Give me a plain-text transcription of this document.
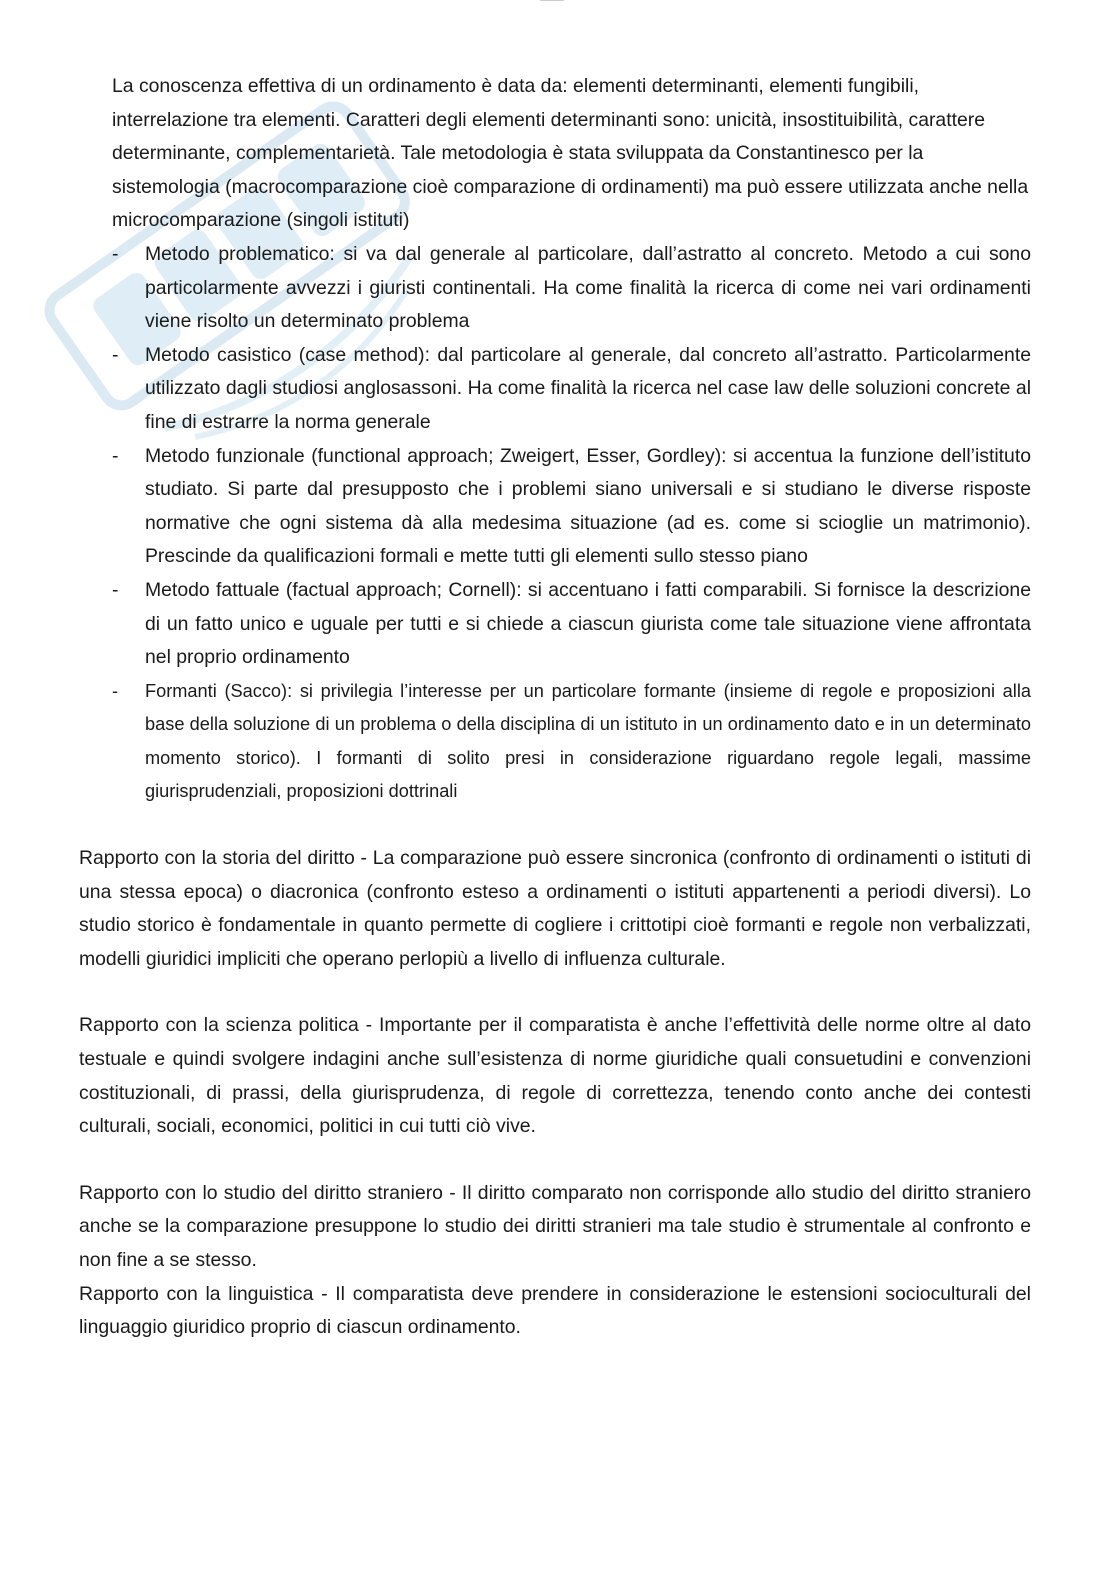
La conoscenza effettiva di un ordinamento è data da: elementi determinanti, elementi fungibili, interrelazione tra elementi. Caratteri degli elementi determinanti sono: unicità, insostituibilità, carattere determinante, complementarietà. Tale metodologia è stata sviluppata da Constantinesco per la sistemologia (macrocomparazione cioè comparazione di ordinamenti) ma può essere utilizzata anche nella microcomparazione (singoli istituti)

- Metodo problematico: si va dal generale al particolare, dall’astratto al concreto. Metodo a cui sono particolarmente avvezzi i giuristi continentali. Ha come finalità la ricerca di come nei vari ordinamenti viene risolto un determinato problema
- Metodo casistico (case method): dal particolare al generale, dal concreto all’astratto. Particolarmente utilizzato dagli studiosi anglosassoni. Ha come finalità la ricerca nel case law delle soluzioni concrete al fine di estrarre la norma generale
- Metodo funzionale (functional approach; Zweigert, Esser, Gordley): si accentua la funzione dell’istituto studiato. Si parte dal presupposto che i problemi siano universali e si studiano le diverse risposte normative che ogni sistema dà alla medesima situazione (ad es. come si scioglie un matrimonio). Prescinde da qualificazioni formali e mette tutti gli elementi sullo stesso piano
- Metodo fattuale (factual approach; Cornell): si accentuano i fatti comparabili. Si fornisce la descrizione di un fatto unico e uguale per tutti e si chiede a ciascun giurista come tale situazione viene affrontata nel proprio ordinamento
- Formanti (Sacco): si privilegia l’interesse per un particolare formante (insieme di regole e proposizioni alla base della soluzione di un problema o della disciplina di un istituto in un ordinamento dato e in un determinato momento storico). I formanti di solito presi in considerazione riguardano regole legali, massime giurisprudenziali, proposizioni dottrinali

Rapporto con la storia del diritto - La comparazione può essere sincronica (confronto di ordinamenti o istituti di una stessa epoca) o diacronica (confronto esteso a ordinamenti o istituti appartenenti a periodi diversi). Lo studio storico è fondamentale in quanto permette di cogliere i crittotipi cioè formanti e regole non verbalizzati, modelli giuridici impliciti che operano perlopiù a livello di influenza culturale.

Rapporto con la scienza politica - Importante per il comparatista è anche l’effettività delle norme oltre al dato testuale e quindi svolgere indagini anche sull’esistenza di norme giuridiche quali consuetudini e convenzioni costituzionali, di prassi, della giurisprudenza, di regole di correttezza, tenendo conto anche dei contesti culturali, sociali, economici, politici in cui tutti ciò vive.

Rapporto con lo studio del diritto straniero - Il diritto comparato non corrisponde allo studio del diritto straniero anche se la comparazione presuppone lo studio dei diritti stranieri ma tale studio è strumentale al confronto e non fine a se stesso.

Rapporto con la linguistica - Il comparatista deve prendere in considerazione le estensioni socioculturali del linguaggio giuridico proprio di ciascun ordinamento.
